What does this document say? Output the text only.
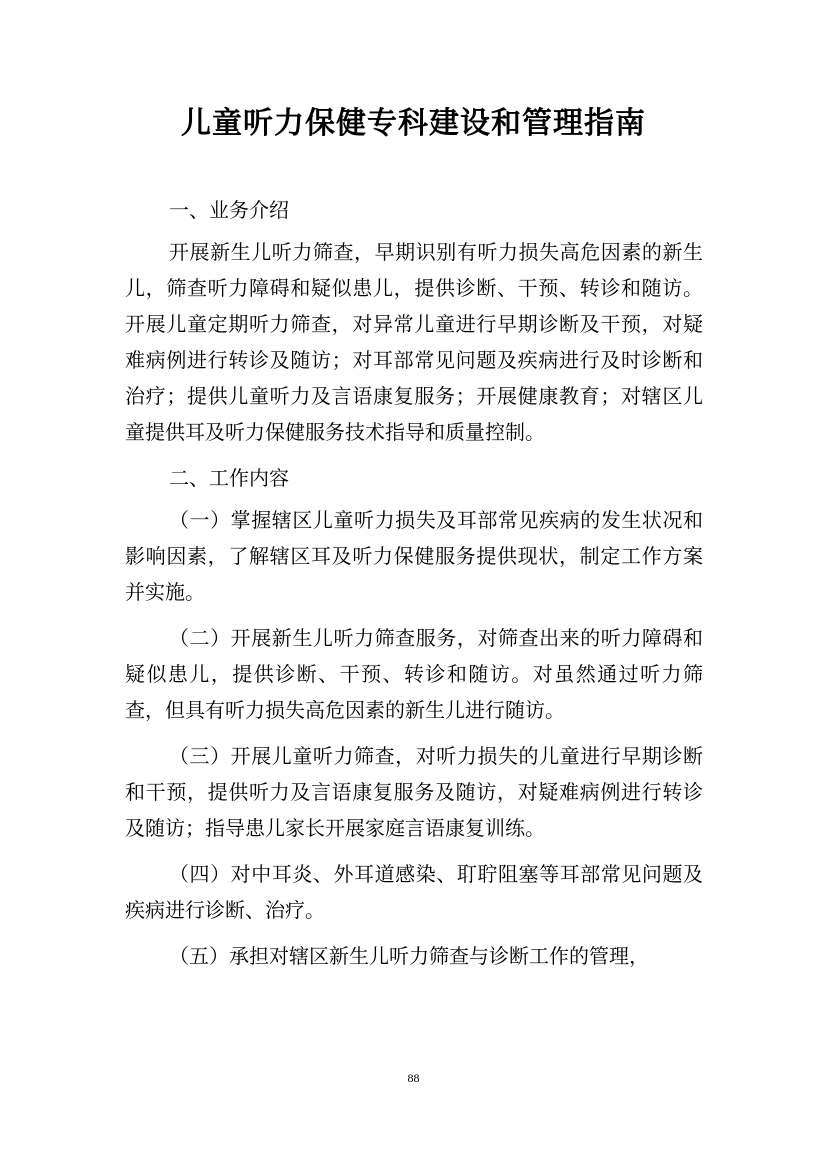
儿童听力保健专科建设和管理指南
一、业务介绍

开展新生儿听力筛查，早期识别有听力损失高危因素的新生儿，筛查听力障碍和疑似患儿，提供诊断、干预、转诊和随访。开展儿童定期听力筛查，对异常儿童进行早期诊断及干预，对疑难病例进行转诊及随访；对耳部常见问题及疾病进行及时诊断和治疗；提供儿童听力及言语康复服务；开展健康教育；对辖区儿童提供耳及听力保健服务技术指导和质量控制。

二、工作内容

（一）掌握辖区儿童听力损失及耳部常见疾病的发生状况和影响因素，了解辖区耳及听力保健服务提供现状，制定工作方案并实施。

（二）开展新生儿听力筛查服务，对筛查出来的听力障碍和疑似患儿，提供诊断、干预、转诊和随访。对虽然通过听力筛查，但具有听力损失高危因素的新生儿进行随访。

（三）开展儿童听力筛查，对听力损失的儿童进行早期诊断和干预，提供听力及言语康复服务及随访，对疑难病例进行转诊及随访；指导患儿家长开展家庭言语康复训练。

（四）对中耳炎、外耳道感染、耵聍阻塞等耳部常见问题及疾病进行诊断、治疗。

（五）承担对辖区新生儿听力筛查与诊断工作的管理，

88
